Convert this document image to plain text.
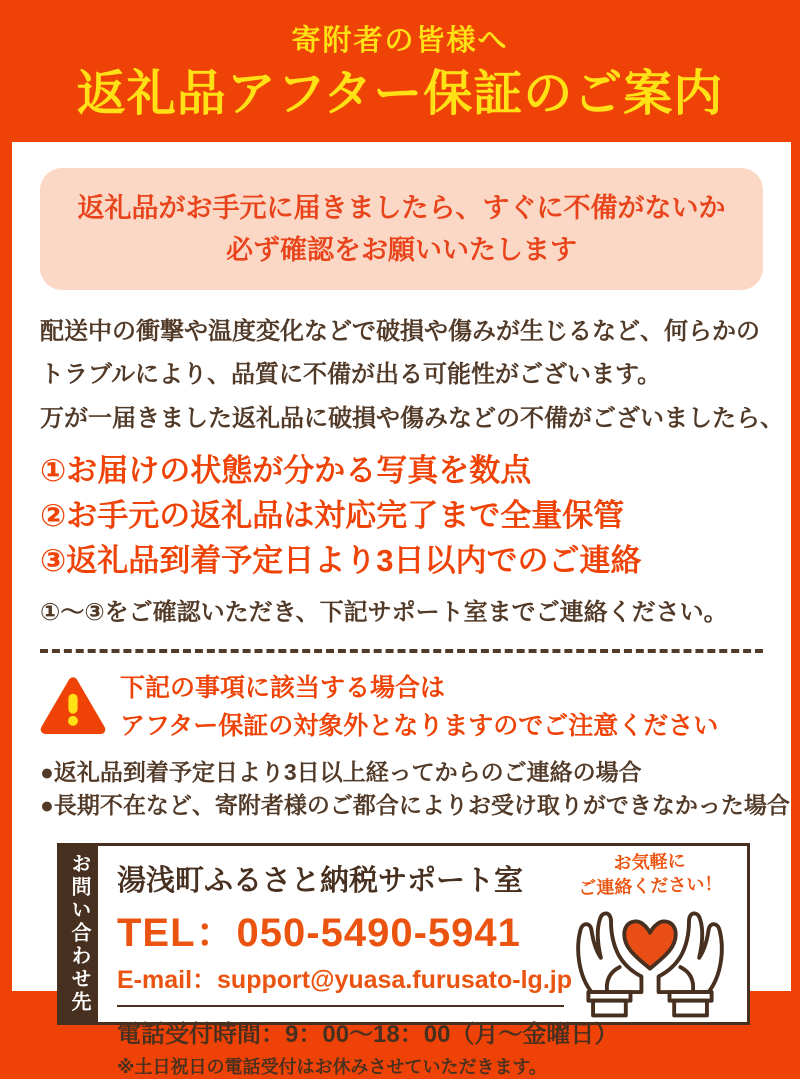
寄附者の皆様へ
返礼品アフター保証のご案内
返礼品がお手元に届きましたら、すぐに不備がないか
必ず確認をお願いいたします
配送中の衝撃や温度変化などで破損や傷みが生じるなど、何らかの
トラブルにより、品質に不備が出る可能性がございます。
万が一届きました返礼品に破損や傷みなどの不備がございましたら、
①お届けの状態が分かる写真を数点
②お手元の返礼品は対応完了まで全量保管
③返礼品到着予定日より3日以内でのご連絡
①～③をご確認いただき、下記サポート室までご連絡ください。
下記の事項に該当する場合は
アフター保証の対象外となりますのでご注意ください
●返礼品到着予定日より3日以上経ってからのご連絡の場合
●長期不在など、寄附者様のご都合によりお受け取りができなかった場合
お問い合わせ先 湯浅町ふるさと納税サポート室
TEL：050-5490-5941
E-mail：support@yuasa.furusato-lg.jp
電話受付時間：9：00～18：00（月～金曜日）
※土日祝日の電話受付はお休みさせていただきます。
お気軽に
ご連絡ください！
